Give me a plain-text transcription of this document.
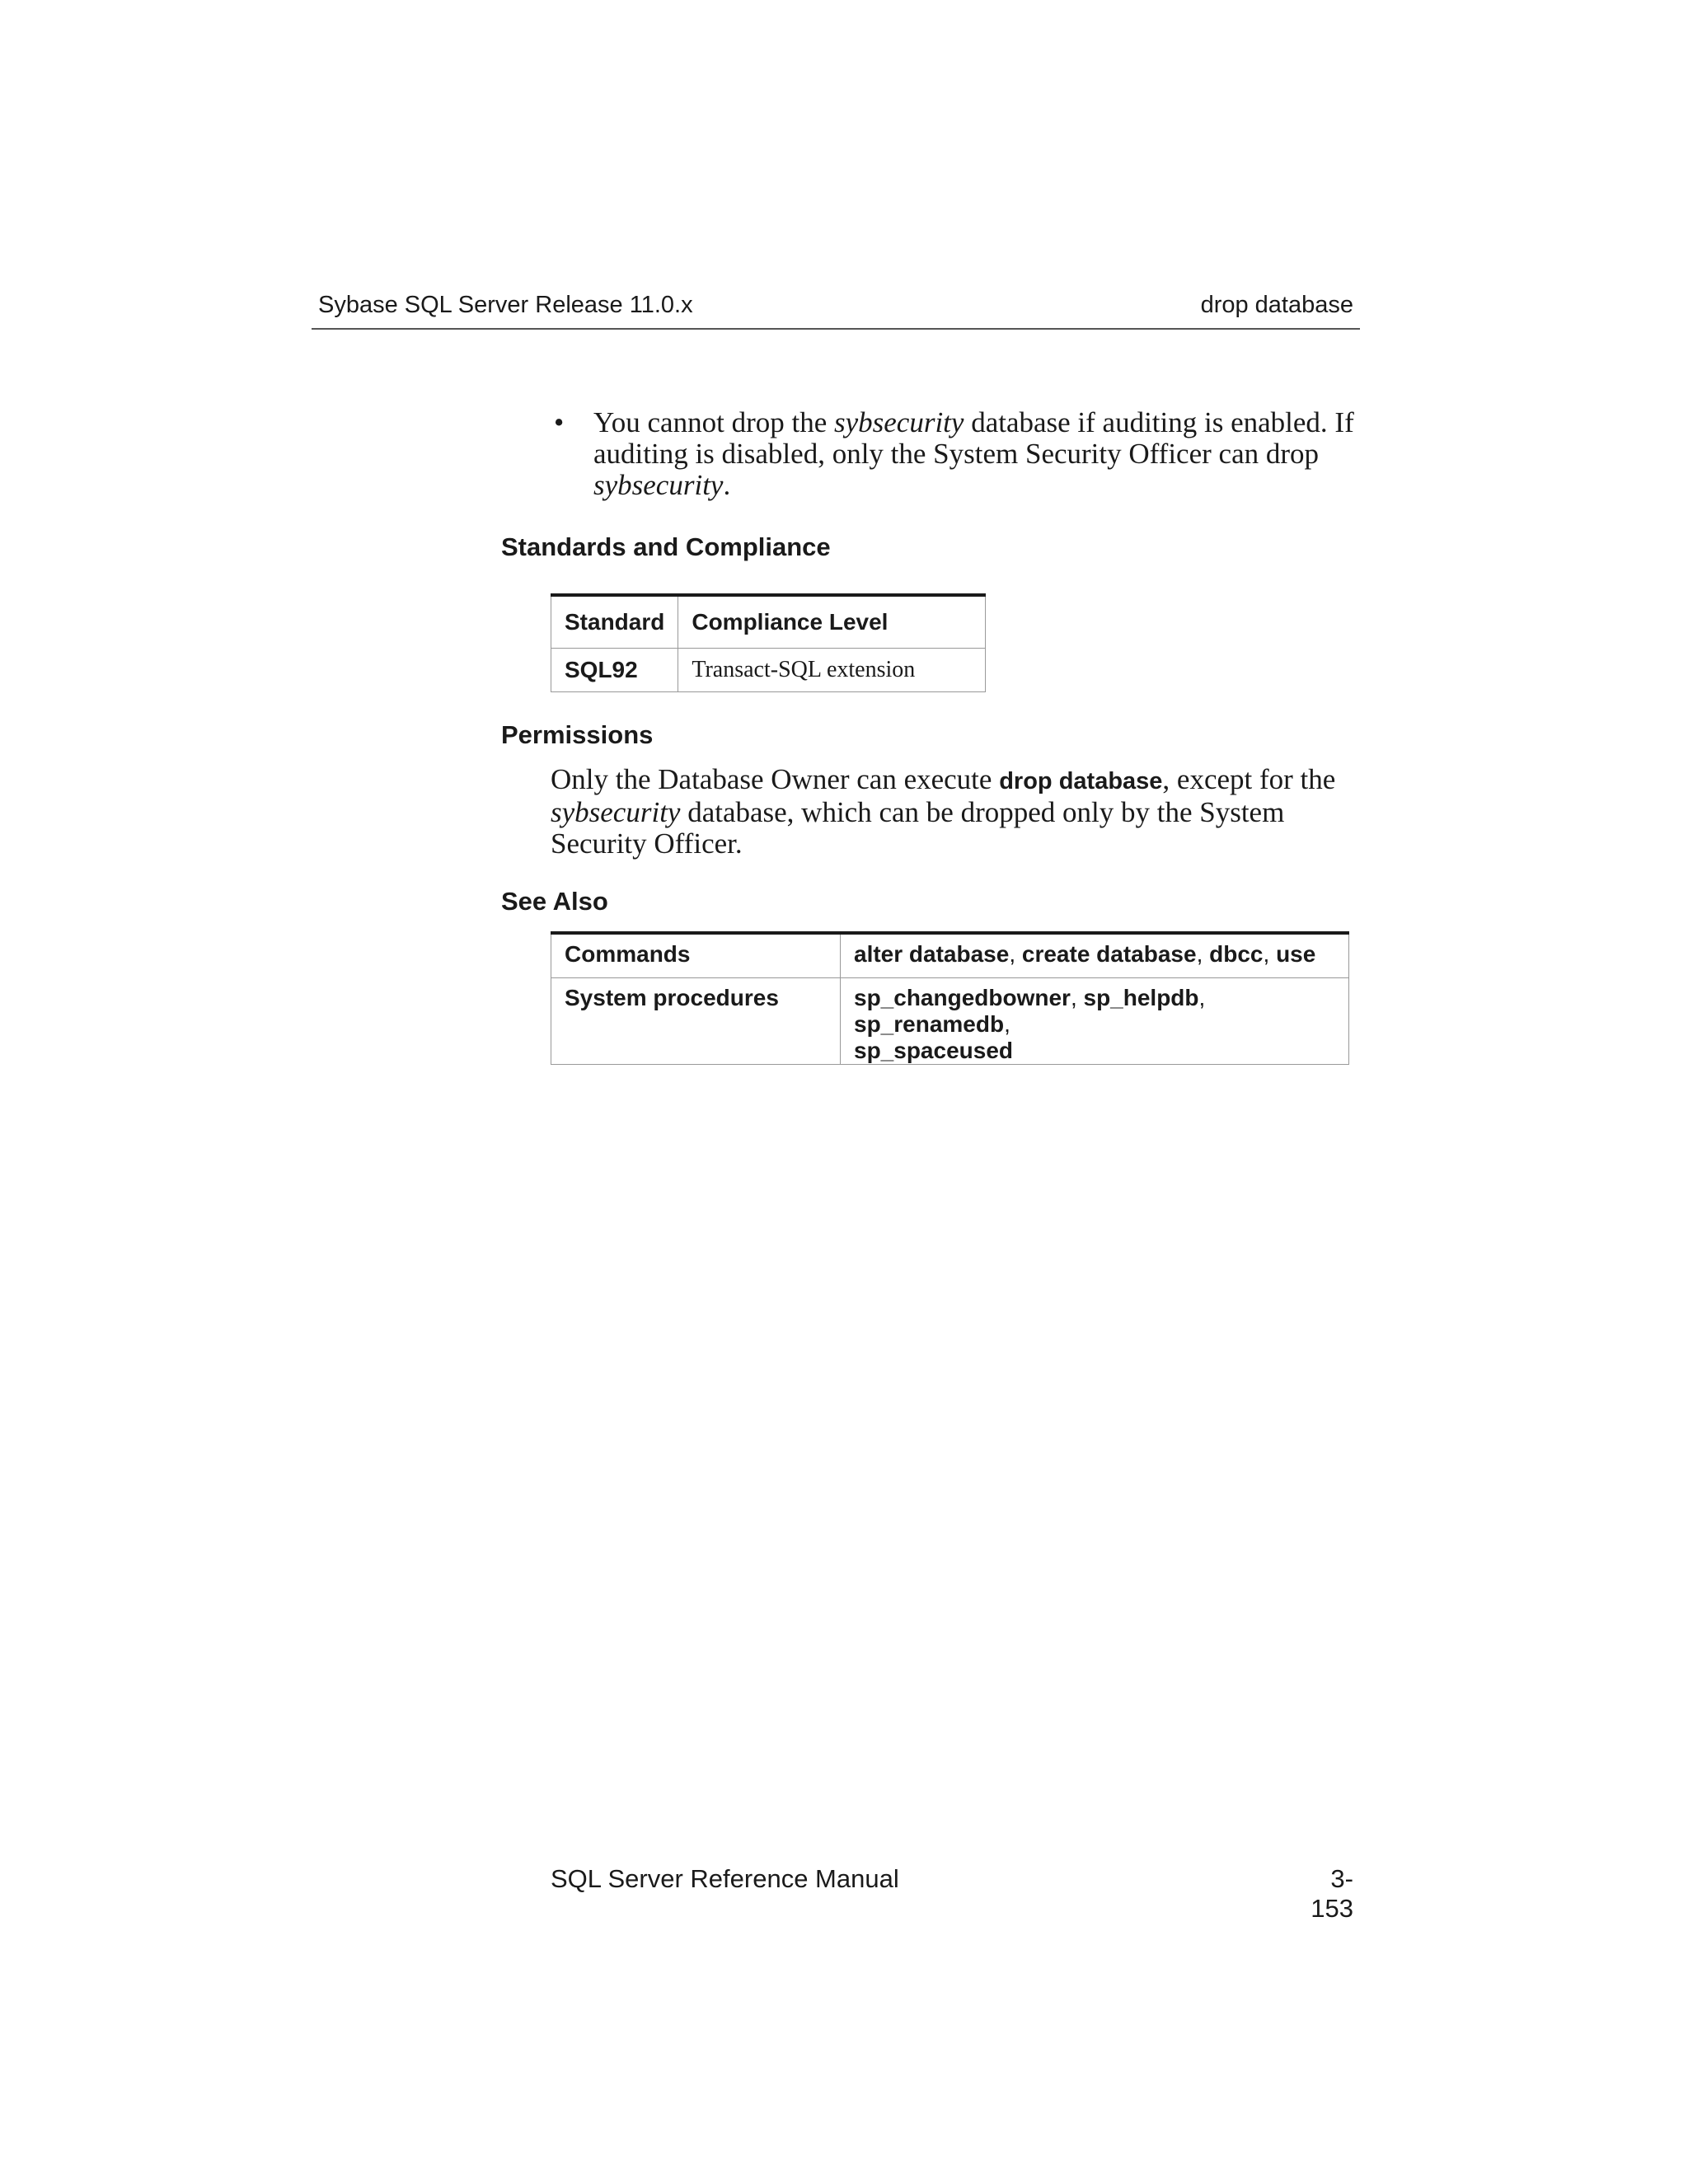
Sybase SQL Server Release 11.0.x	drop database
• You cannot drop the sybsecurity database if auditing is enabled. If auditing is disabled, only the System Security Officer can drop sybsecurity.
Standards and Compliance
Standard	Compliance Level
SQL92	Transact-SQL extension
Permissions
Only the Database Owner can execute drop database, except for the sybsecurity database, which can be dropped only by the System Security Officer.
See Also
Commands	alter database, create database, dbcc, use
System procedures	sp_changedbowner, sp_helpdb, sp_renamedb,
sp_spaceused
SQL Server Reference Manual	3-153
